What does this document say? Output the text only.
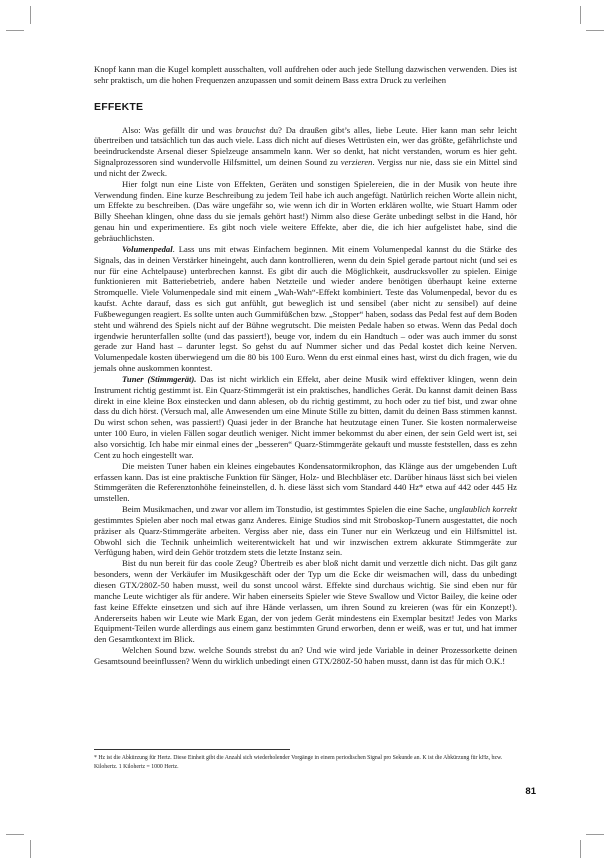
Knopf kann man die Kugel komplett ausschalten, voll aufdrehen oder auch jede Stellung dazwischen verwenden. Dies ist sehr praktisch, um die hohen Frequenzen anzupassen und somit deinem Bass extra Druck zu verleihen

EFFEKTE

Also: Was gefällt dir und was brauchst du? Da draußen gibt’s alles, liebe Leute. Hier kann man sehr leicht übertreiben und tatsächlich tun das auch viele. Lass dich nicht auf dieses Wettrüsten ein, wer das größte, gefährlichste und beeindruckendste Arsenal dieser Spielzeuge ansammeln kann. Wer so denkt, hat nicht verstanden, worum es hier geht. Signalprozessoren sind wundervolle Hilfsmittel, um deinen Sound zu verzieren. Vergiss nur nie, dass sie ein Mittel sind und nicht der Zweck.

Hier folgt nun eine Liste von Effekten, Geräten und sonstigen Spielereien, die in der Musik von heute ihre Verwendung finden. Eine kurze Beschreibung zu jedem Teil habe ich auch angefügt. Natürlich reichen Worte allein nicht, um Effekte zu beschreiben. (Das wäre ungefähr so, wie wenn ich dir in Worten erklären wollte, wie Stuart Hamm oder Billy Sheehan klingen, ohne dass du sie jemals gehört hast!) Nimm also diese Geräte unbedingt selbst in die Hand, hör genau hin und experimentiere. Es gibt noch viele weitere Effekte, aber die, die ich hier aufgelistet habe, sind die gebräuchlichsten.

Volumenpedal. Lass uns mit etwas Einfachem beginnen. Mit einem Volumenpedal kannst du die Stärke des Signals, das in deinen Verstärker hineingeht, auch dann kontrollieren, wenn du dein Spiel gerade partout nicht (und sei es nur für eine Achtelpause) unterbrechen kannst. Es gibt dir auch die Möglichkeit, ausdrucksvoller zu spielen. Einige funktionieren mit Batteriebetrieb, andere haben Netzteile und wieder andere benötigen überhaupt keine externe Stromquelle. Viele Volumenpedale sind mit einem „Wah-Wah“-Effekt kombiniert. Teste das Volumenpedal, bevor du es kaufst. Achte darauf, dass es sich gut anfühlt, gut beweglich ist und sensibel (aber nicht zu sensibel) auf deine Fußbewegungen reagiert. Es sollte unten auch Gummifüßchen bzw. „Stopper“ haben, sodass das Pedal fest auf dem Boden steht und während des Spiels nicht auf der Bühne wegrutscht. Die meisten Pedale haben so etwas. Wenn das Pedal doch irgendwie herunterfallen sollte (und das passiert!), beuge vor, indem du ein Handtuch – oder was auch immer du sonst gerade zur Hand hast – darunter legst. So gehst du auf Nummer sicher und das Pedal kostet dich keine Nerven. Volumenpedale kosten überwiegend um die 80 bis 100 Euro. Wenn du erst einmal eines hast, wirst du dich fragen, wie du jemals ohne auskommen konntest.

Tuner (Stimmgerät). Das ist nicht wirklich ein Effekt, aber deine Musik wird effektiver klingen, wenn dein Instrument richtig gestimmt ist. Ein Quarz-Stimmgerät ist ein praktisches, handliches Gerät. Du kannst damit deinen Bass direkt in eine kleine Box einstecken und dann ablesen, ob du richtig gestimmt, zu hoch oder zu tief bist, und zwar ohne dass du dich hörst. (Versuch mal, alle Anwesenden um eine Minute Stille zu bitten, damit du deinen Bass stimmen kannst. Du wirst schon sehen, was passiert!) Quasi jeder in der Branche hat heutzutage einen Tuner. Sie kosten normalerweise unter 100 Euro, in vielen Fällen sogar deutlich weniger. Nicht immer bekommst du aber einen, der sein Geld wert ist, sei also vorsichtig. Ich habe mir einmal eines der „besseren“ Quarz-Stimmgeräte gekauft und musste feststellen, dass es zehn Cent zu hoch eingestellt war.

Die meisten Tuner haben ein kleines eingebautes Kondensatormikrophon, das Klänge aus der umgebenden Luft erfassen kann. Das ist eine praktische Funktion für Sänger, Holz- und Blechbläser etc. Darüber hinaus lässt sich bei vielen Stimmgeräten die Referenztonhöhe feineinstellen, d. h. diese lässt sich vom Standard 440 Hz* etwa auf 442 oder 445 Hz umstellen.

Beim Musikmachen, und zwar vor allem im Tonstudio, ist gestimmtes Spielen die eine Sache, unglaublich korrekt gestimmtes Spielen aber noch mal etwas ganz Anderes. Einige Studios sind mit Stroboskop-Tunern ausgestattet, die noch präziser als Quarz-Stimmgeräte arbeiten. Vergiss aber nie, dass ein Tuner nur ein Werkzeug und ein Hilfsmittel ist. Obwohl sich die Technik unheimlich weiterentwickelt hat und wir inzwischen extrem akkurate Stimmgeräte zur Verfügung haben, wird dein Gehör trotzdem stets die letzte Instanz sein.

Bist du nun bereit für das coole Zeug? Übertreib es aber bloß nicht damit und verzettle dich nicht. Das gilt ganz besonders, wenn der Verkäufer im Musikgeschäft oder der Typ um die Ecke dir weismachen will, dass du unbedingt diesen GTX/280Z-50 haben musst, weil du sonst uncool wärst. Effekte sind durchaus wichtig. Sie sind eben nur für manche Leute wichtiger als für andere. Wir haben einerseits Spieler wie Steve Swallow und Victor Bailey, die keine oder fast keine Effekte einsetzen und sich auf ihre Hände verlassen, um ihren Sound zu kreieren (was für ein Konzept!). Andererseits haben wir Leute wie Mark Egan, der von jedem Gerät mindestens ein Exemplar besitzt! Jedes von Marks Equipment-Teilen wurde allerdings aus einem ganz bestimmten Grund erworben, denn er weiß, was er tut, und hat immer den Gesamtkontext im Blick.

Welchen Sound bzw. welche Sounds strebst du an? Und wie wird jede Variable in deiner Prozessorkette deinen Gesamtsound beeinflussen? Wenn du wirklich unbedingt einen GTX/280Z-50 haben musst, dann ist das für mich O.K.!

* Hz ist die Abkürzung für Hertz. Diese Einheit gibt die Anzahl sich wiederholender Vorgänge in einem periodischen Signal pro Sekunde an. K ist die Abkürzung für kHz, bzw. Kilohertz. 1 Kilohertz = 1000 Hertz.
81
